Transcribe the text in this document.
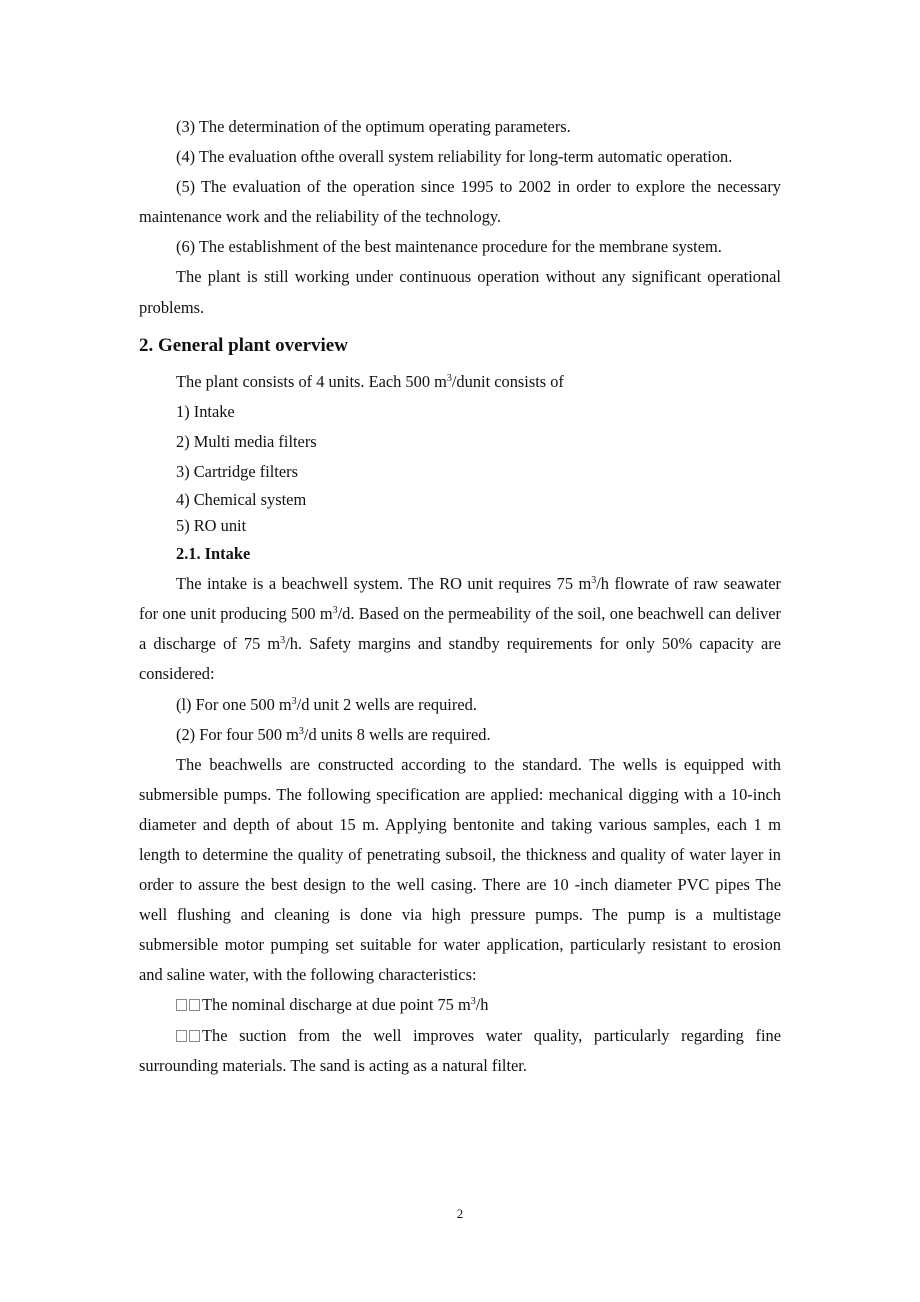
(3) The determination of the optimum operating parameters.

(4) The evaluation ofthe overall system reliability for long-term automatic operation.

(5) The evaluation of the operation since 1995 to 2002 in order to explore the necessary maintenance work and the reliability of the technology.

(6) The establishment of the best maintenance procedure for the membrane system.

The plant is still working under continuous operation without any significant operational problems.

2. General plant overview

The plant consists of 4 units. Each 500 $m^3$/dunit consists of

1) Intake

2) Multi media filters

3) Cartridge filters

4) Chemical system

5) RO unit

2.1. Intake

The intake is a beachwell system. The RO unit requires 75 $m^3/h$ flowrate of raw seawater for one unit producing 500 $m^3/d$. Based on the permeability of the soil, one beachwell can deliver a discharge of 75 $m^3/h$. Safety margins and standby requirements for only 50% capacity are considered:

(l) For one 500 $m^3/d$ unit 2 wells are required.

(2) For four 500 $m^3/d$ units 8 wells are required.

The beachwells are constructed according to the standard. The wells is equipped with submersible pumps. The following specification are applied: mechanical digging with a 10-inch diameter and depth of about 15 m. Applying bentonite and taking various samples, each 1 m length to determine the quality of penetrating subsoil, the thickness and quality of water layer in order to assure the best design to the well casing. There are 10 -inch diameter PVC pipes The well flushing and cleaning is done via high pressure pumps. The pump is a multistage submersible motor pumping set suitable for water application, particularly resistant to erosion and saline water, with the following characteristics:

The nominal discharge at due point 75 $m^3/h$

The suction from the well improves water quality, particularly regarding fine surrounding materials. The sand is acting as a natural filter.

2
